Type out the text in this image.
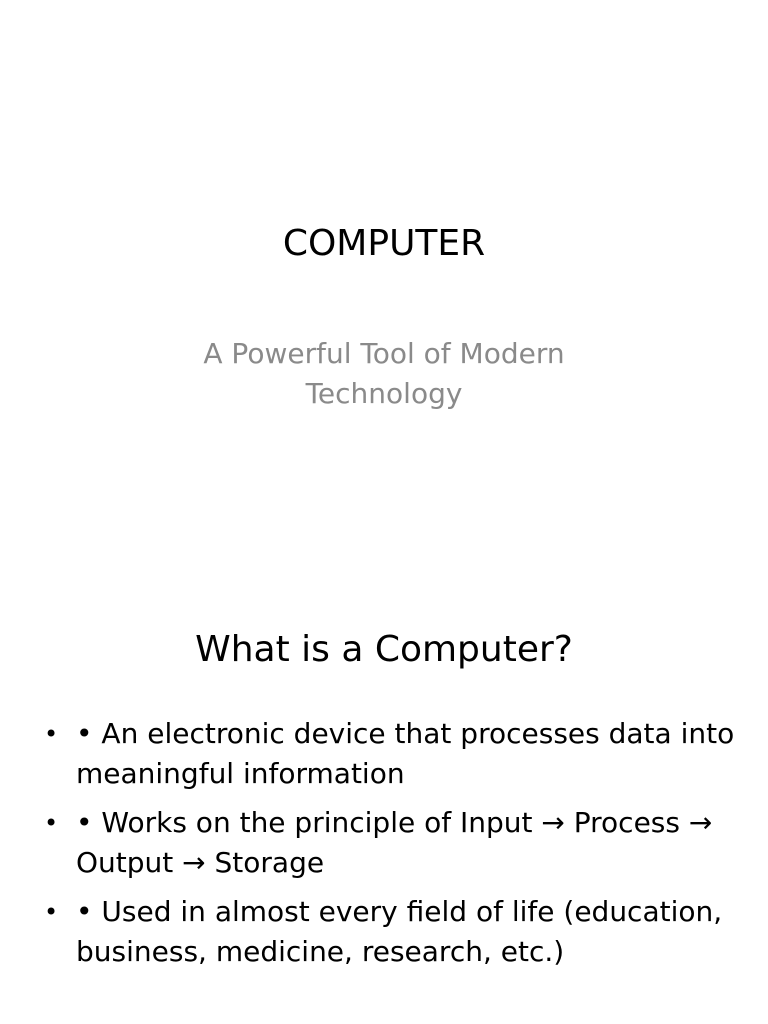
COMPUTER

A Powerful Tool of Modern Technology

What is a Computer?
• • An electronic device that processes data into meaningful information
• • Works on the principle of Input → Process → Output → Storage
• • Used in almost every field of life (education, business, medicine, research, etc.)
